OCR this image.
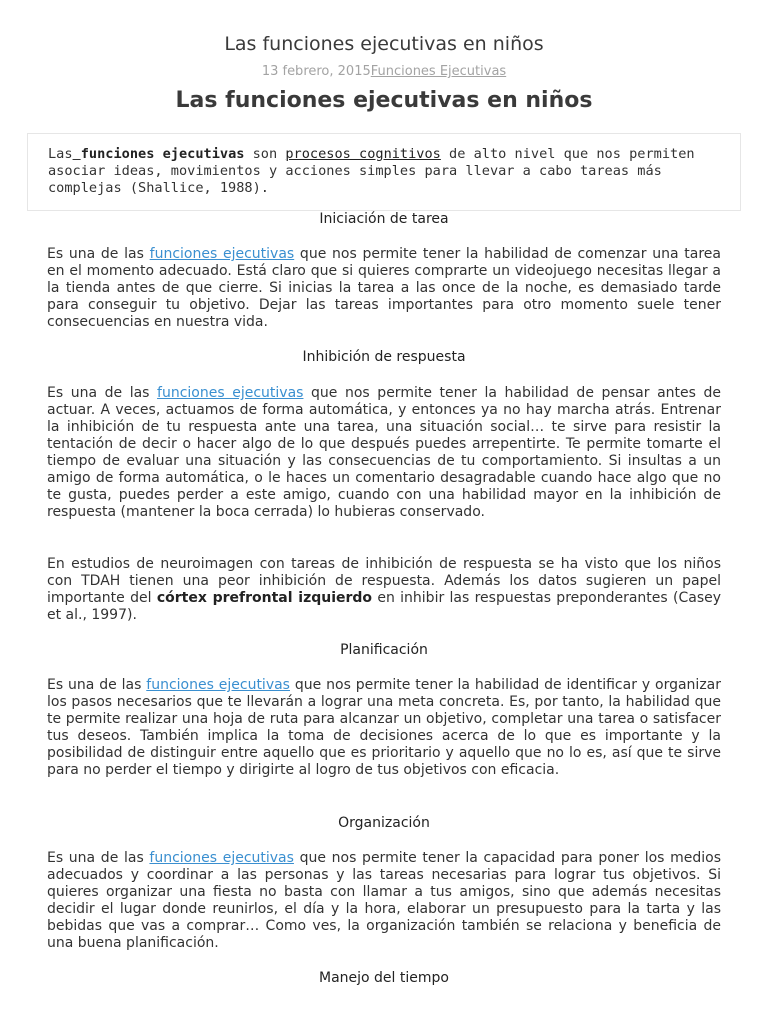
Las funciones ejecutivas en niños
13 febrero, 2015Funciones Ejecutivas
Las funciones ejecutivas en niños
Las funciones ejecutivas son procesos cognitivos de alto nivel que nos permiten asociar ideas, movimientos y acciones simples para llevar a cabo tareas más complejas (Shallice, 1988).
Iniciación de tarea

Es una de las funciones ejecutivas que nos permite tener la habilidad de comenzar una tarea en el momento adecuado. Está claro que si quieres comprarte un videojuego necesitas llegar a la tienda antes de que cierre. Si inicias la tarea a las once de la noche, es demasiado tarde para conseguir tu objetivo. Dejar las tareas importantes para otro momento suele tener consecuencias en nuestra vida.

Inhibición de respuesta

Es una de las funciones ejecutivas que nos permite tener la habilidad de pensar antes de actuar. A veces, actuamos de forma automática, y entonces ya no hay marcha atrás. Entrenar la inhibición de tu respuesta ante una tarea, una situación social… te sirve para resistir la tentación de decir o hacer algo de lo que después puedes arrepentirte. Te permite tomarte el tiempo de evaluar una situación y las consecuencias de tu comportamiento. Si insultas a un amigo de forma automática, o le haces un comentario desagradable cuando hace algo que no te gusta, puedes perder a este amigo, cuando con una habilidad mayor en la inhibición de respuesta (mantener la boca cerrada) lo hubieras conservado.

En estudios de neuroimagen con tareas de inhibición de respuesta se ha visto que los niños con TDAH tienen una peor inhibición de respuesta. Además los datos sugieren un papel importante del córtex prefrontal izquierdo en inhibir las respuestas preponderantes (Casey et al., 1997).

Planificación

Es una de las funciones ejecutivas que nos permite tener la habilidad de identificar y organizar los pasos necesarios que te llevarán a lograr una meta concreta. Es, por tanto, la habilidad que te permite realizar una hoja de ruta para alcanzar un objetivo, completar una tarea o satisfacer tus deseos. También implica la toma de decisiones acerca de lo que es importante y la posibilidad de distinguir entre aquello que es prioritario y aquello que no lo es, así que te sirve para no perder el tiempo y dirigirte al logro de tus objetivos con eficacia.

Organización

Es una de las funciones ejecutivas que nos permite tener la capacidad para poner los medios adecuados y coordinar a las personas y las tareas necesarias para lograr tus objetivos. Si quieres organizar una fiesta no basta con llamar a tus amigos, sino que además necesitas decidir el lugar donde reunirlos, el día y la hora, elaborar un presupuesto para la tarta y las bebidas que vas a comprar… Como ves, la organización también se relaciona y beneficia de una buena planificación.

Manejo del tiempo
